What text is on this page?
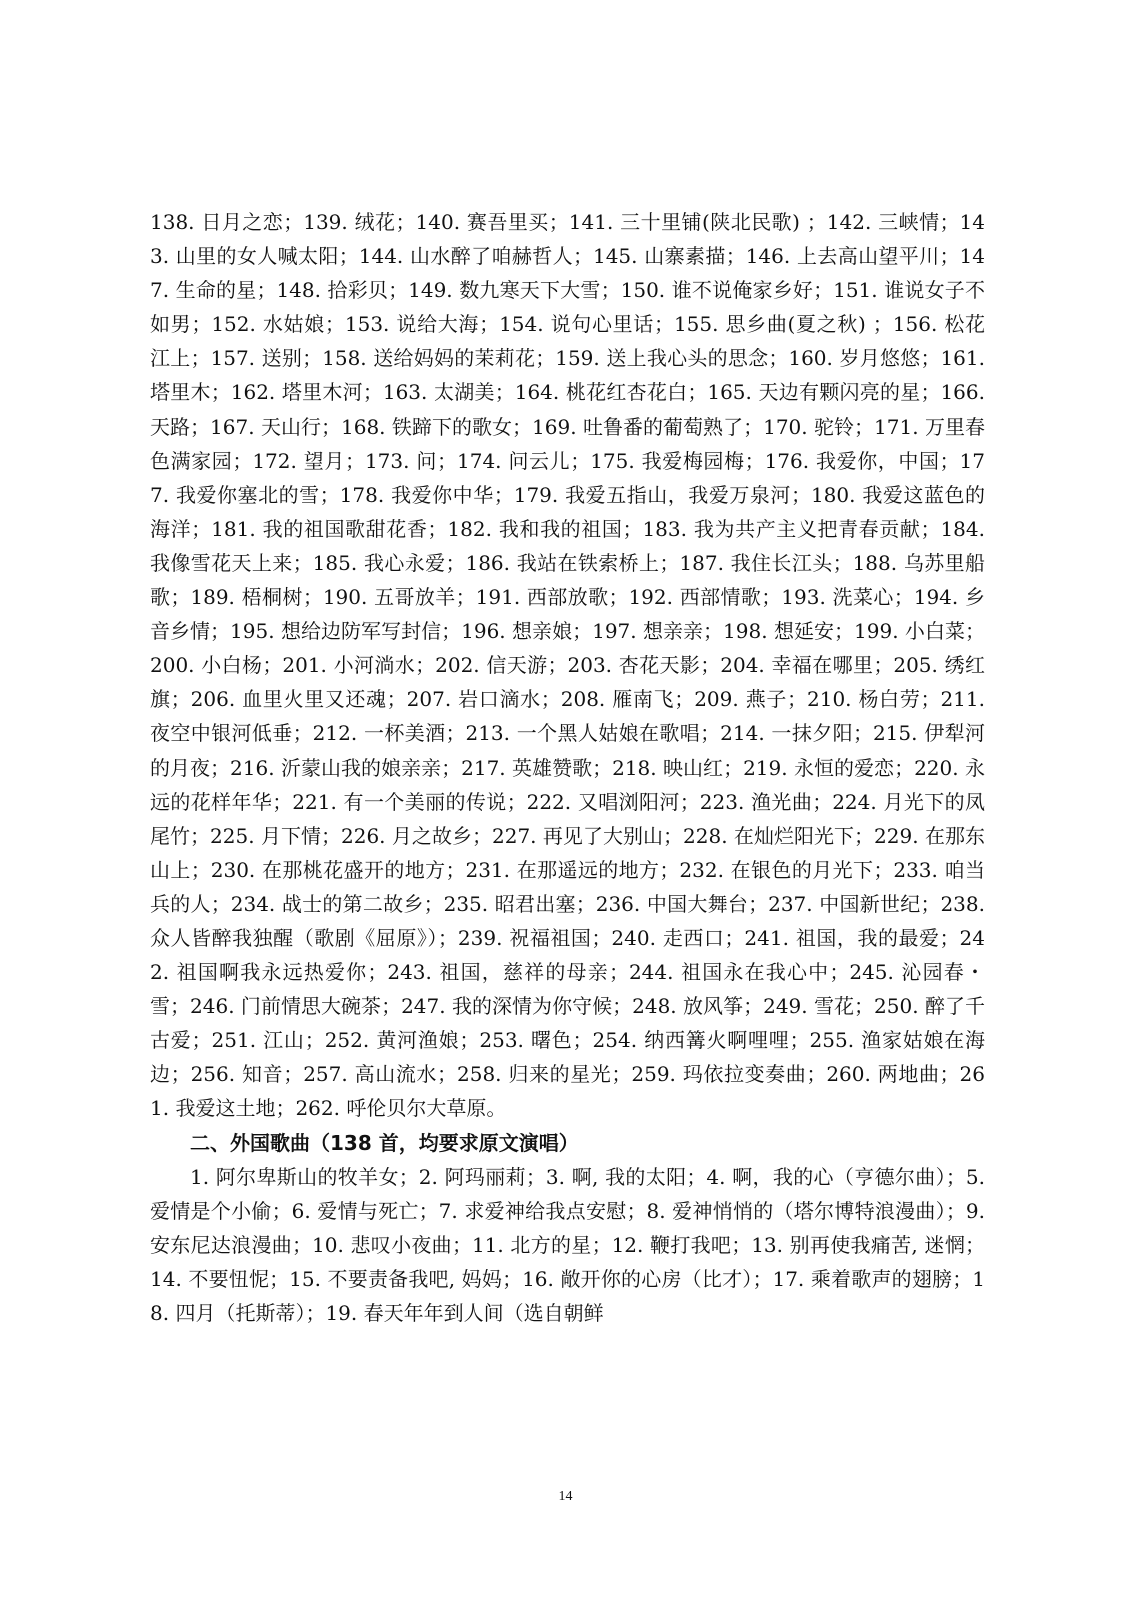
138. 日月之恋；139. 绒花；140. 赛吾里买；141. 三十里铺(陕北民歌) ；142. 三峡情；143. 山里的女人喊太阳；144. 山水醉了咱赫哲人；145. 山寨素描；146. 上去高山望平川；147. 生命的星；148. 拾彩贝；149. 数九寒天下大雪；150. 谁不说俺家乡好；151. 谁说女子不如男；152. 水姑娘；153. 说给大海；154. 说句心里话；155. 思乡曲(夏之秋) ；156. 松花江上；157. 送别；158. 送给妈妈的茉莉花；159. 送上我心头的思念；160. 岁月悠悠；161. 塔里木；162. 塔里木河；163. 太湖美；164. 桃花红杏花白；165. 天边有颗闪亮的星；166. 天路；167. 天山行；168. 铁蹄下的歌女；169. 吐鲁番的葡萄熟了；170. 驼铃；171. 万里春色满家园；172. 望月；173. 问；174. 问云儿；175. 我爱梅园梅；176. 我爱你，中国；177. 我爱你塞北的雪；178. 我爱你中华；179. 我爱五指山，我爱万泉河；180. 我爱这蓝色的海洋；181. 我的祖国歌甜花香；182. 我和我的祖国；183. 我为共产主义把青春贡献；184. 我像雪花天上来；185. 我心永爱；186. 我站在铁索桥上；187. 我住长江头；188. 乌苏里船歌；189. 梧桐树；190. 五哥放羊；191. 西部放歌；192. 西部情歌；193. 洗菜心；194. 乡音乡情；195. 想给边防军写封信；196. 想亲娘；197. 想亲亲；198. 想延安；199. 小白菜；200. 小白杨；201. 小河淌水；202. 信天游；203. 杏花天影；204. 幸福在哪里；205. 绣红旗；206. 血里火里又还魂；207. 岩口滴水；208. 雁南飞；209. 燕子；210. 杨白劳；211. 夜空中银河低垂；212. 一杯美酒；213. 一个黑人姑娘在歌唱；214. 一抹夕阳；215. 伊犁河的月夜；216. 沂蒙山我的娘亲亲；217. 英雄赞歌；218. 映山红；219. 永恒的爱恋；220. 永远的花样年华；221. 有一个美丽的传说；222. 又唱浏阳河；223. 渔光曲；224. 月光下的凤尾竹；225. 月下情；226. 月之故乡；227. 再见了大别山；228. 在灿烂阳光下；229. 在那东山上；230. 在那桃花盛开的地方；231. 在那遥远的地方；232. 在银色的月光下；233. 咱当兵的人；234. 战士的第二故乡；235. 昭君出塞；236. 中国大舞台；237. 中国新世纪；238. 众人皆醉我独醒（歌剧《屈原》）；239. 祝福祖国；240. 走西口；241. 祖国，我的最爱；242. 祖国啊我永远热爱你；243. 祖国，慈祥的母亲；244. 祖国永在我心中；245. 沁园春・雪；246. 门前情思大碗茶；247. 我的深情为你守候；248. 放风筝；249. 雪花；250. 醉了千古爱；251. 江山；252. 黄河渔娘；253. 曙色；254. 纳西篝火啊哩哩；255. 渔家姑娘在海边；256. 知音；257. 高山流水；258. 归来的星光；259. 玛依拉变奏曲；260. 两地曲；261. 我爱这土地；262. 呼伦贝尔大草原。

二、外国歌曲（138 首，均要求原文演唱）

1. 阿尔卑斯山的牧羊女；2. 阿玛丽莉；3. 啊, 我的太阳；4. 啊，我的心（亨德尔曲）；5. 爱情是个小偷；6. 爱情与死亡；7. 求爱神给我点安慰；8. 爱神悄悄的（塔尔博特浪漫曲）；9. 安东尼达浪漫曲；10. 悲叹小夜曲；11. 北方的星；12. 鞭打我吧；13. 别再使我痛苦, 迷惘；14. 不要忸怩；15. 不要责备我吧, 妈妈；16. 敞开你的心房（比才）；17. 乘着歌声的翅膀；18. 四月（托斯蒂）；19. 春天年年到人间（选自朝鲜

14
